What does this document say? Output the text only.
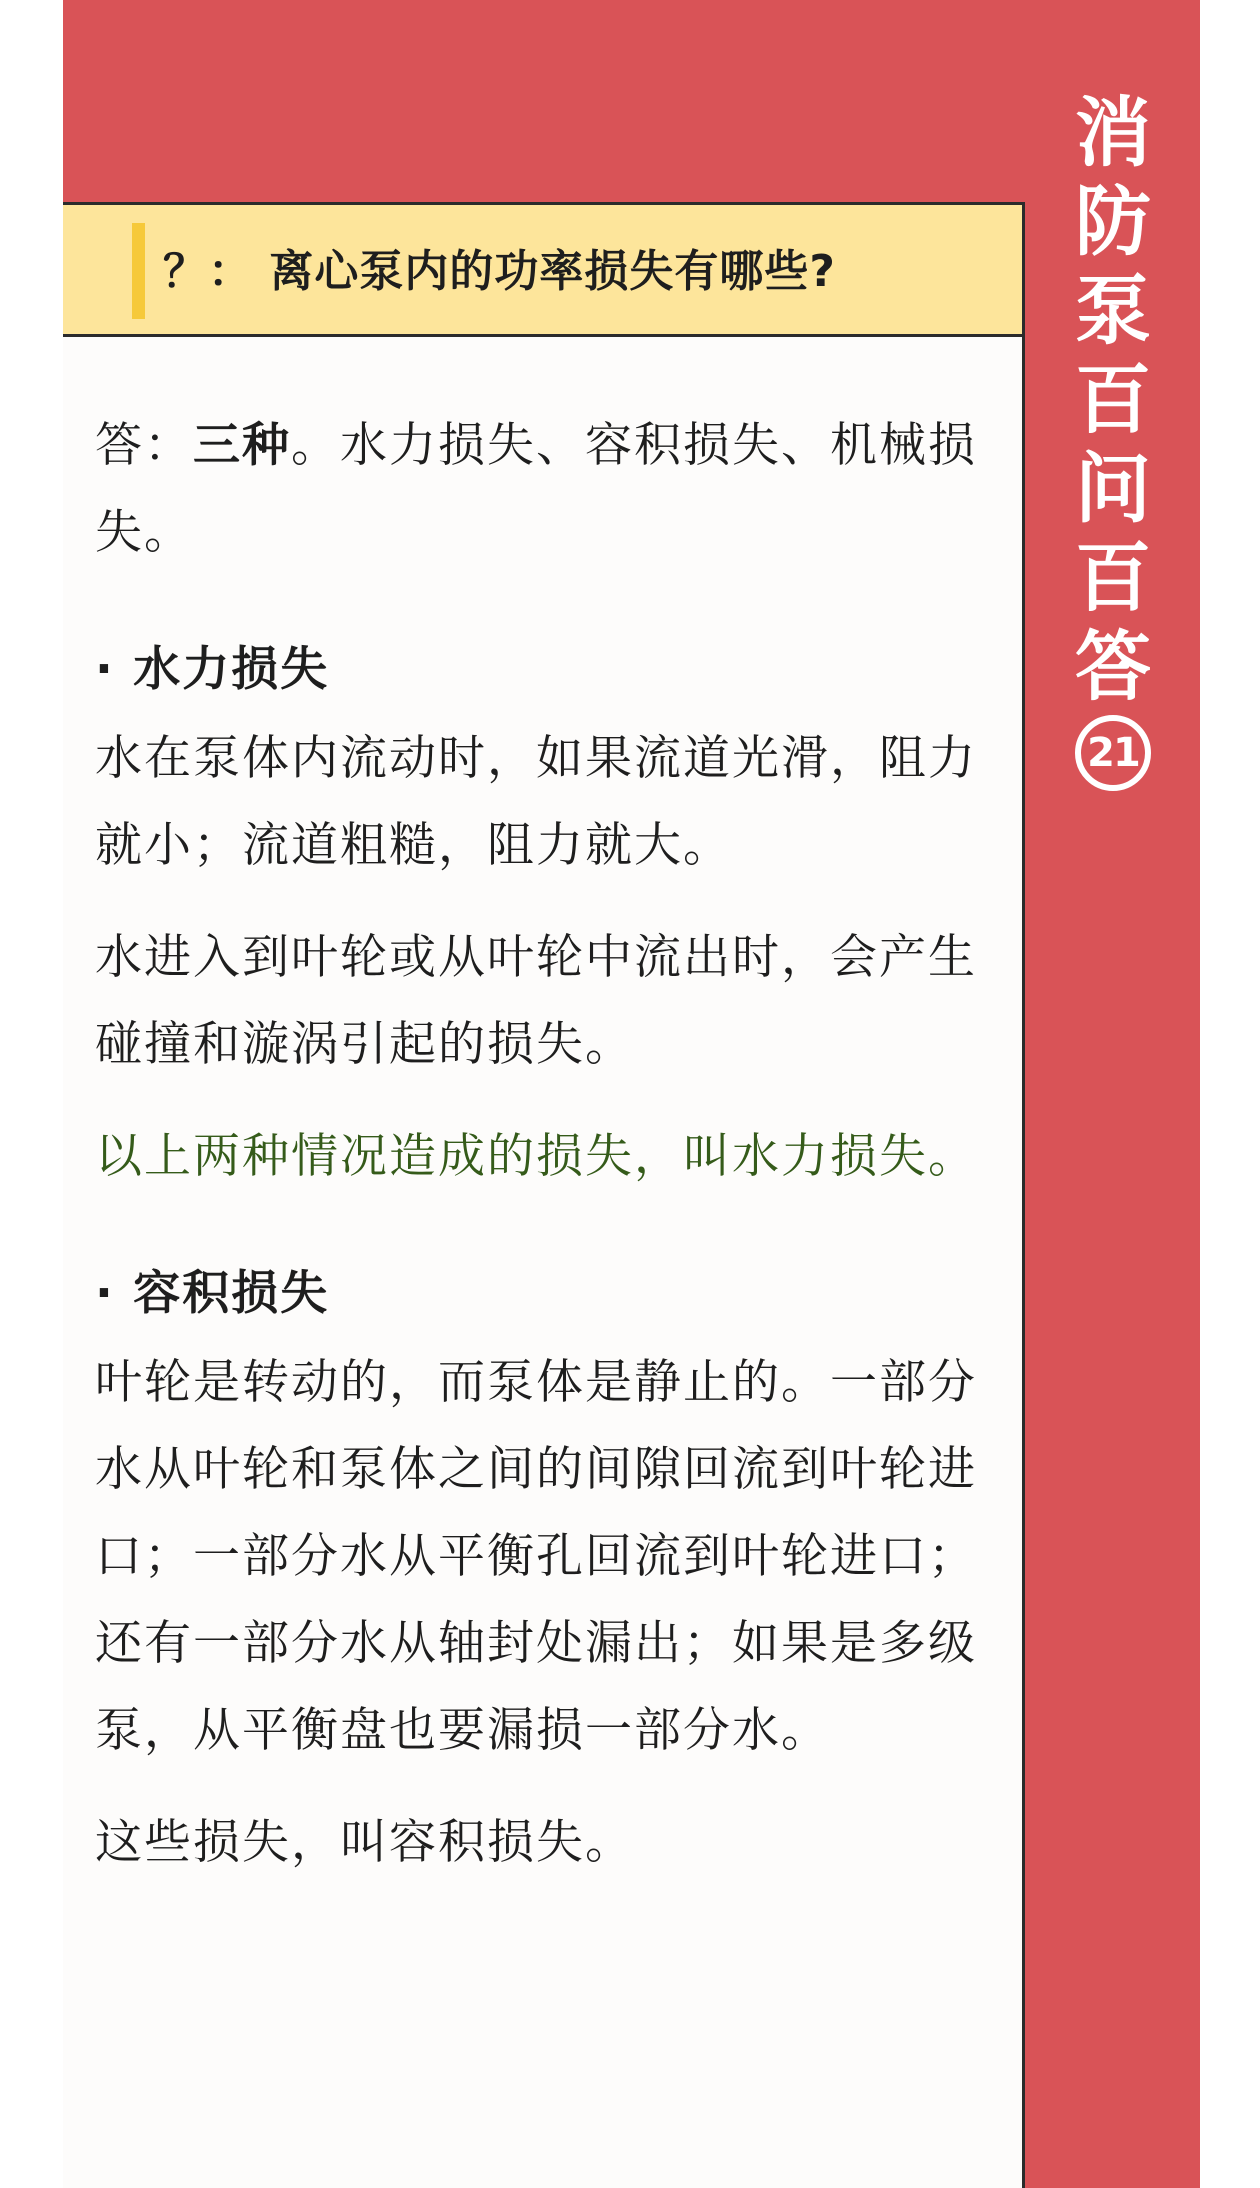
消
防
泵
百
问
百
答
21
？： 离心泵内的功率损失有哪些?

答：三种。水力损失、容积损失、机械损失。

· 水力损失

水在泵体内流动时，如果流道光滑，阻力就小；流道粗糙，阻力就大。

水进入到叶轮或从叶轮中流出时，会产生碰撞和漩涡引起的损失。

以上两种情况造成的损失，叫水力损失。

· 容积损失

叶轮是转动的，而泵体是静止的。一部分水从叶轮和泵体之间的间隙回流到叶轮进口；一部分水从平衡孔回流到叶轮进口；还有一部分水从轴封处漏出；如果是多级泵，从平衡盘也要漏损一部分水。

这些损失，叫容积损失。
